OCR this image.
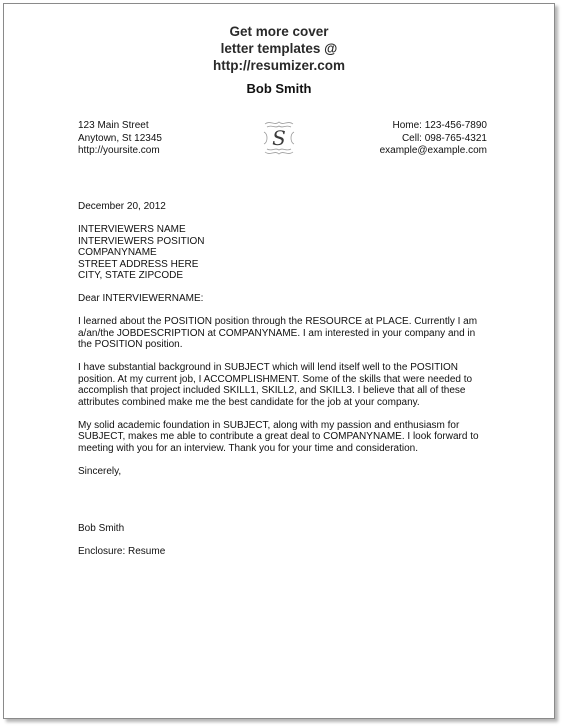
Get more cover
letter templates @
http://resumizer.com
Bob Smith
123 Main Street
Anytown, St 12345
http://yoursite.com
S
Home: 123-456-7890
Cell: 098-765-4321
example@example.com

December 20, 2012

INTERVIEWERS NAME
INTERVIEWERS POSITION
COMPANYNAME
STREET ADDRESS HERE
CITY, STATE ZIPCODE

Dear INTERVIEWERNAME:

I learned about the POSITION position through the RESOURCE at PLACE. Currently I am a/an/the JOBDESCRIPTION at COMPANYNAME. I am interested in your company and in the POSITION position.

I have substantial background in SUBJECT which will lend itself well to the POSITION position. At my current job, I ACCOMPLISHMENT. Some of the skills that were needed to accomplish that project included SKILL1, SKILL2, and SKILL3. I believe that all of these attributes combined make me the best candidate for the job at your company.

My solid academic foundation in SUBJECT, along with my passion and enthusiasm for SUBJECT, makes me able to contribute a great deal to COMPANYNAME. I look forward to meeting with you for an interview. Thank you for your time and consideration.

Sincerely,

Bob Smith

Enclosure: Resume
